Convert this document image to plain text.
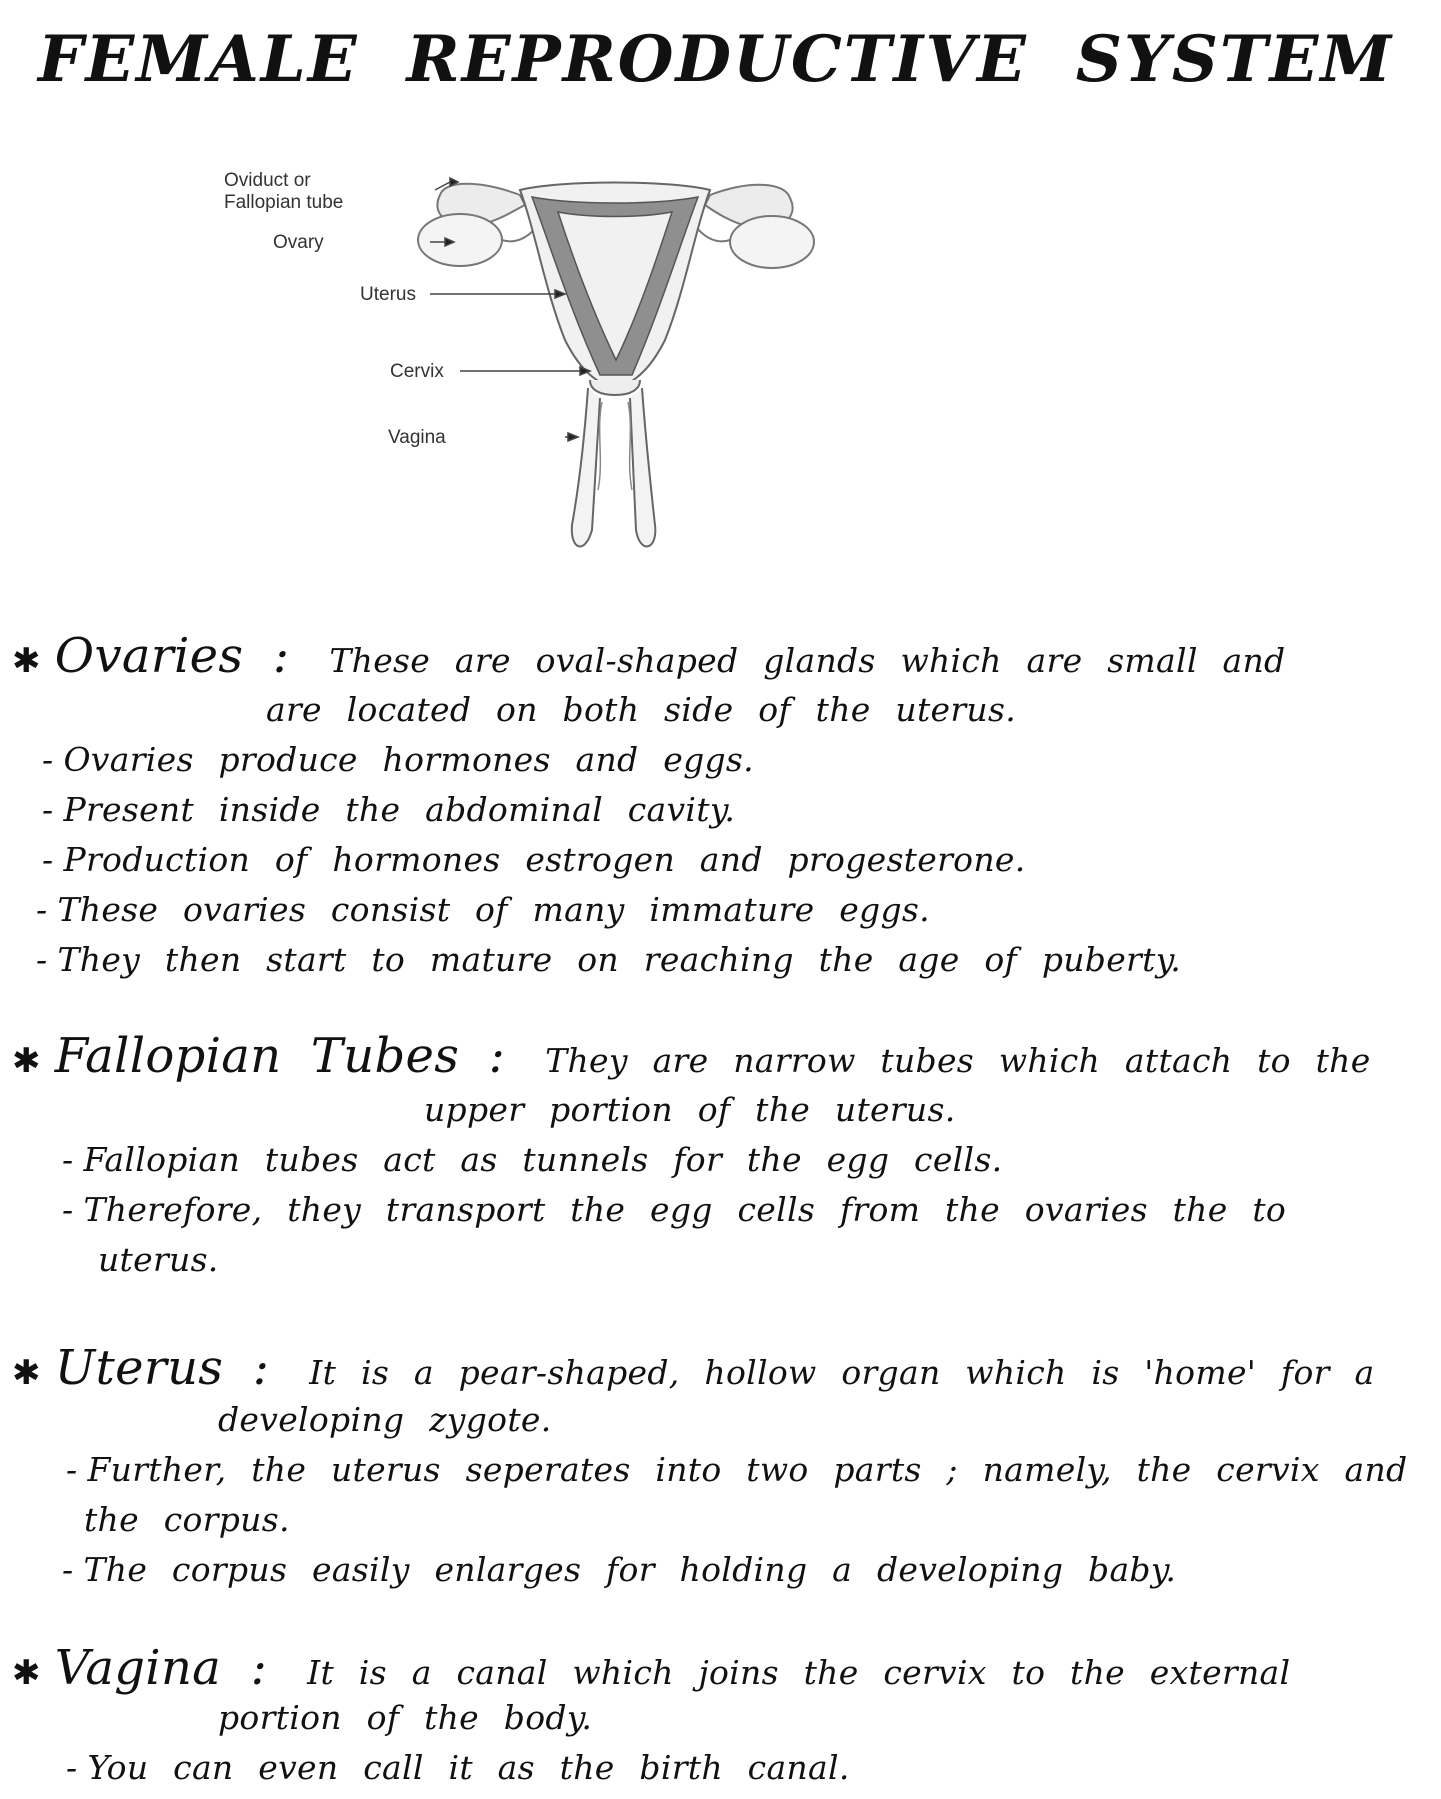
FEMALE REPRODUCTIVE SYSTEM
Oviduct or
Fallopian tube
Ovary
Uterus
Cervix
Vagina
✱ Ovaries : These are oval-shaped glands which are small and
are located on both side of the uterus.
- Ovaries produce hormones and eggs.
- Present inside the abdominal cavity.
- Production of hormones estrogen and progesterone.
- These ovaries consist of many immature eggs.
- They then start to mature on reaching the age of puberty.
✱ Fallopian Tubes : They are narrow tubes which attach to the
upper portion of the uterus.
- Fallopian tubes act as tunnels for the egg cells.
- Therefore, they transport the egg cells from the ovaries the to
uterus.
✱ Uterus : It is a pear-shaped, hollow organ which is 'home' for a
developing zygote.
- Further, the uterus seperates into two parts ; namely, the cervix and
the corpus.
- The corpus easily enlarges for holding a developing baby.
✱ Vagina : It is a canal which joins the cervix to the external
portion of the body.
- You can even call it as the birth canal.
